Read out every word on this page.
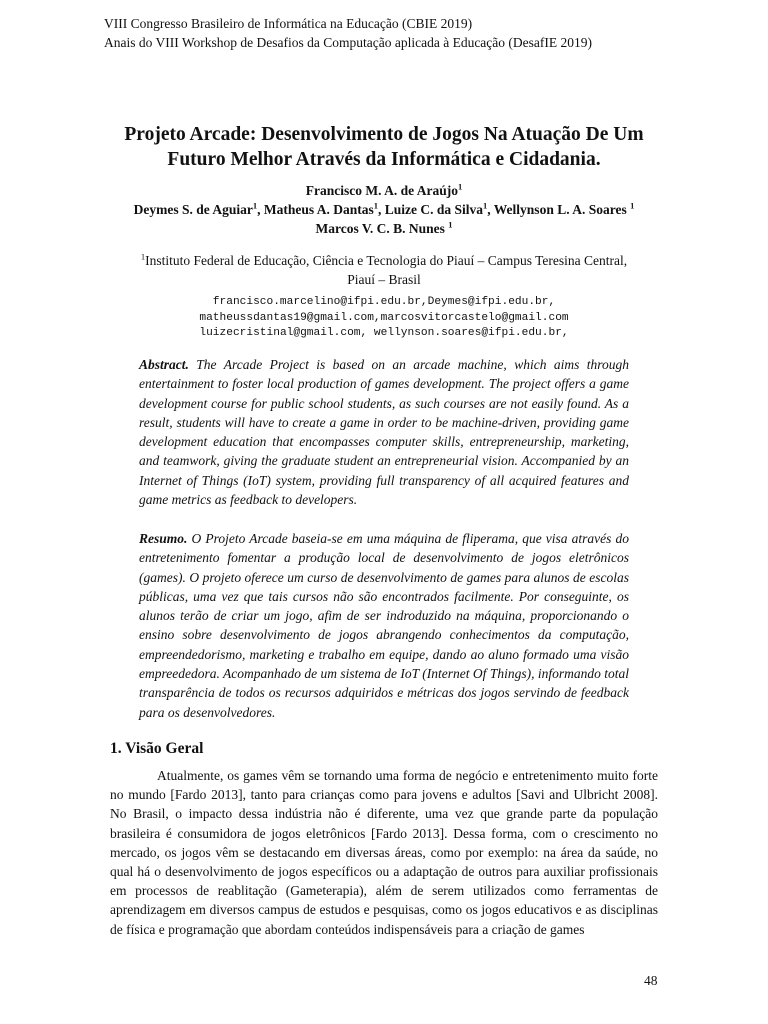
VIII Congresso Brasileiro de Informática na Educação (CBIE 2019)
Anais do VIII Workshop de Desafios da Computação aplicada à Educação (DesafIE 2019)
Projeto Arcade: Desenvolvimento de Jogos Na Atuação De Um
Futuro Melhor Através da Informática e Cidadania.
Francisco M. A. de Araújo$^1$
Deymes S. de Aguiar$^1$, Matheus A. Dantas$^1$, Luize C. da Silva$^1$, Wellynson L. A. Soares $^1$
Marcos V. C. B. Nunes $^1$
$^1$Instituto Federal de Educação, Ciência e Tecnologia do Piauí – Campus Teresina Central,
Piauí – Brasil
francisco.marcelino@ifpi.edu.br,Deymes@ifpi.edu.br,
matheussdantas19@gmail.com,marcosvitorcastelo@gmail.com
luizecristinal@gmail.com, wellynson.soares@ifpi.edu.br,
Abstract. The Arcade Project is based on an arcade machine, which aims through entertainment to foster local production of games development. The project offers a game development course for public school students, as such courses are not easily found. As a result, students will have to create a game in order to be machine-driven, providing game development education that encompasses computer skills, entrepreneurship, marketing, and teamwork, giving the graduate student an entrepreneurial vision. Accompanied by an Internet of Things (IoT) system, providing full transparency of all acquired features and game metrics as feedback to developers.
Resumo. O Projeto Arcade baseia-se em uma máquina de fliperama, que visa através do entretenimento fomentar a produção local de desenvolvimento de jogos eletrônicos (games). O projeto oferece um curso de desenvolvimento de games para alunos de escolas públicas, uma vez que tais cursos não são encontrados facilmente. Por conseguinte, os alunos terão de criar um jogo, afim de ser indroduzido na máquina, proporcionando o ensino sobre desenvolvimento de jogos abrangendo conhecimentos da computação, empreendedorismo, marketing e trabalho em equipe, dando ao aluno formado uma visão empreededora. Acompanhado de um sistema de IoT (Internet Of Things), informando total transparência de todos os recursos adquiridos e métricas dos jogos servindo de feedback para os desenvolvedores.
1. Visão Geral
Atualmente, os games vêm se tornando uma forma de negócio e entretenimento muito forte no mundo [Fardo 2013], tanto para crianças como para jovens e adultos [Savi and Ulbricht 2008]. No Brasil, o impacto dessa indústria não é diferente, uma vez que grande parte da população brasileira é consumidora de jogos eletrônicos [Fardo 2013]. Dessa forma, com o crescimento no mercado, os jogos vêm se destacando em diversas áreas, como por exemplo: na área da saúde, no qual há o desenvolvimento de jogos específicos ou a adaptação de outros para auxiliar profissionais em processos de reablitação (Gameterapia), além de serem utilizados como ferramentas de aprendizagem em diversos campus de estudos e pesquisas, como os jogos educativos e as disciplinas de física e programação que abordam conteúdos indispensáveis para a criação de games
48
